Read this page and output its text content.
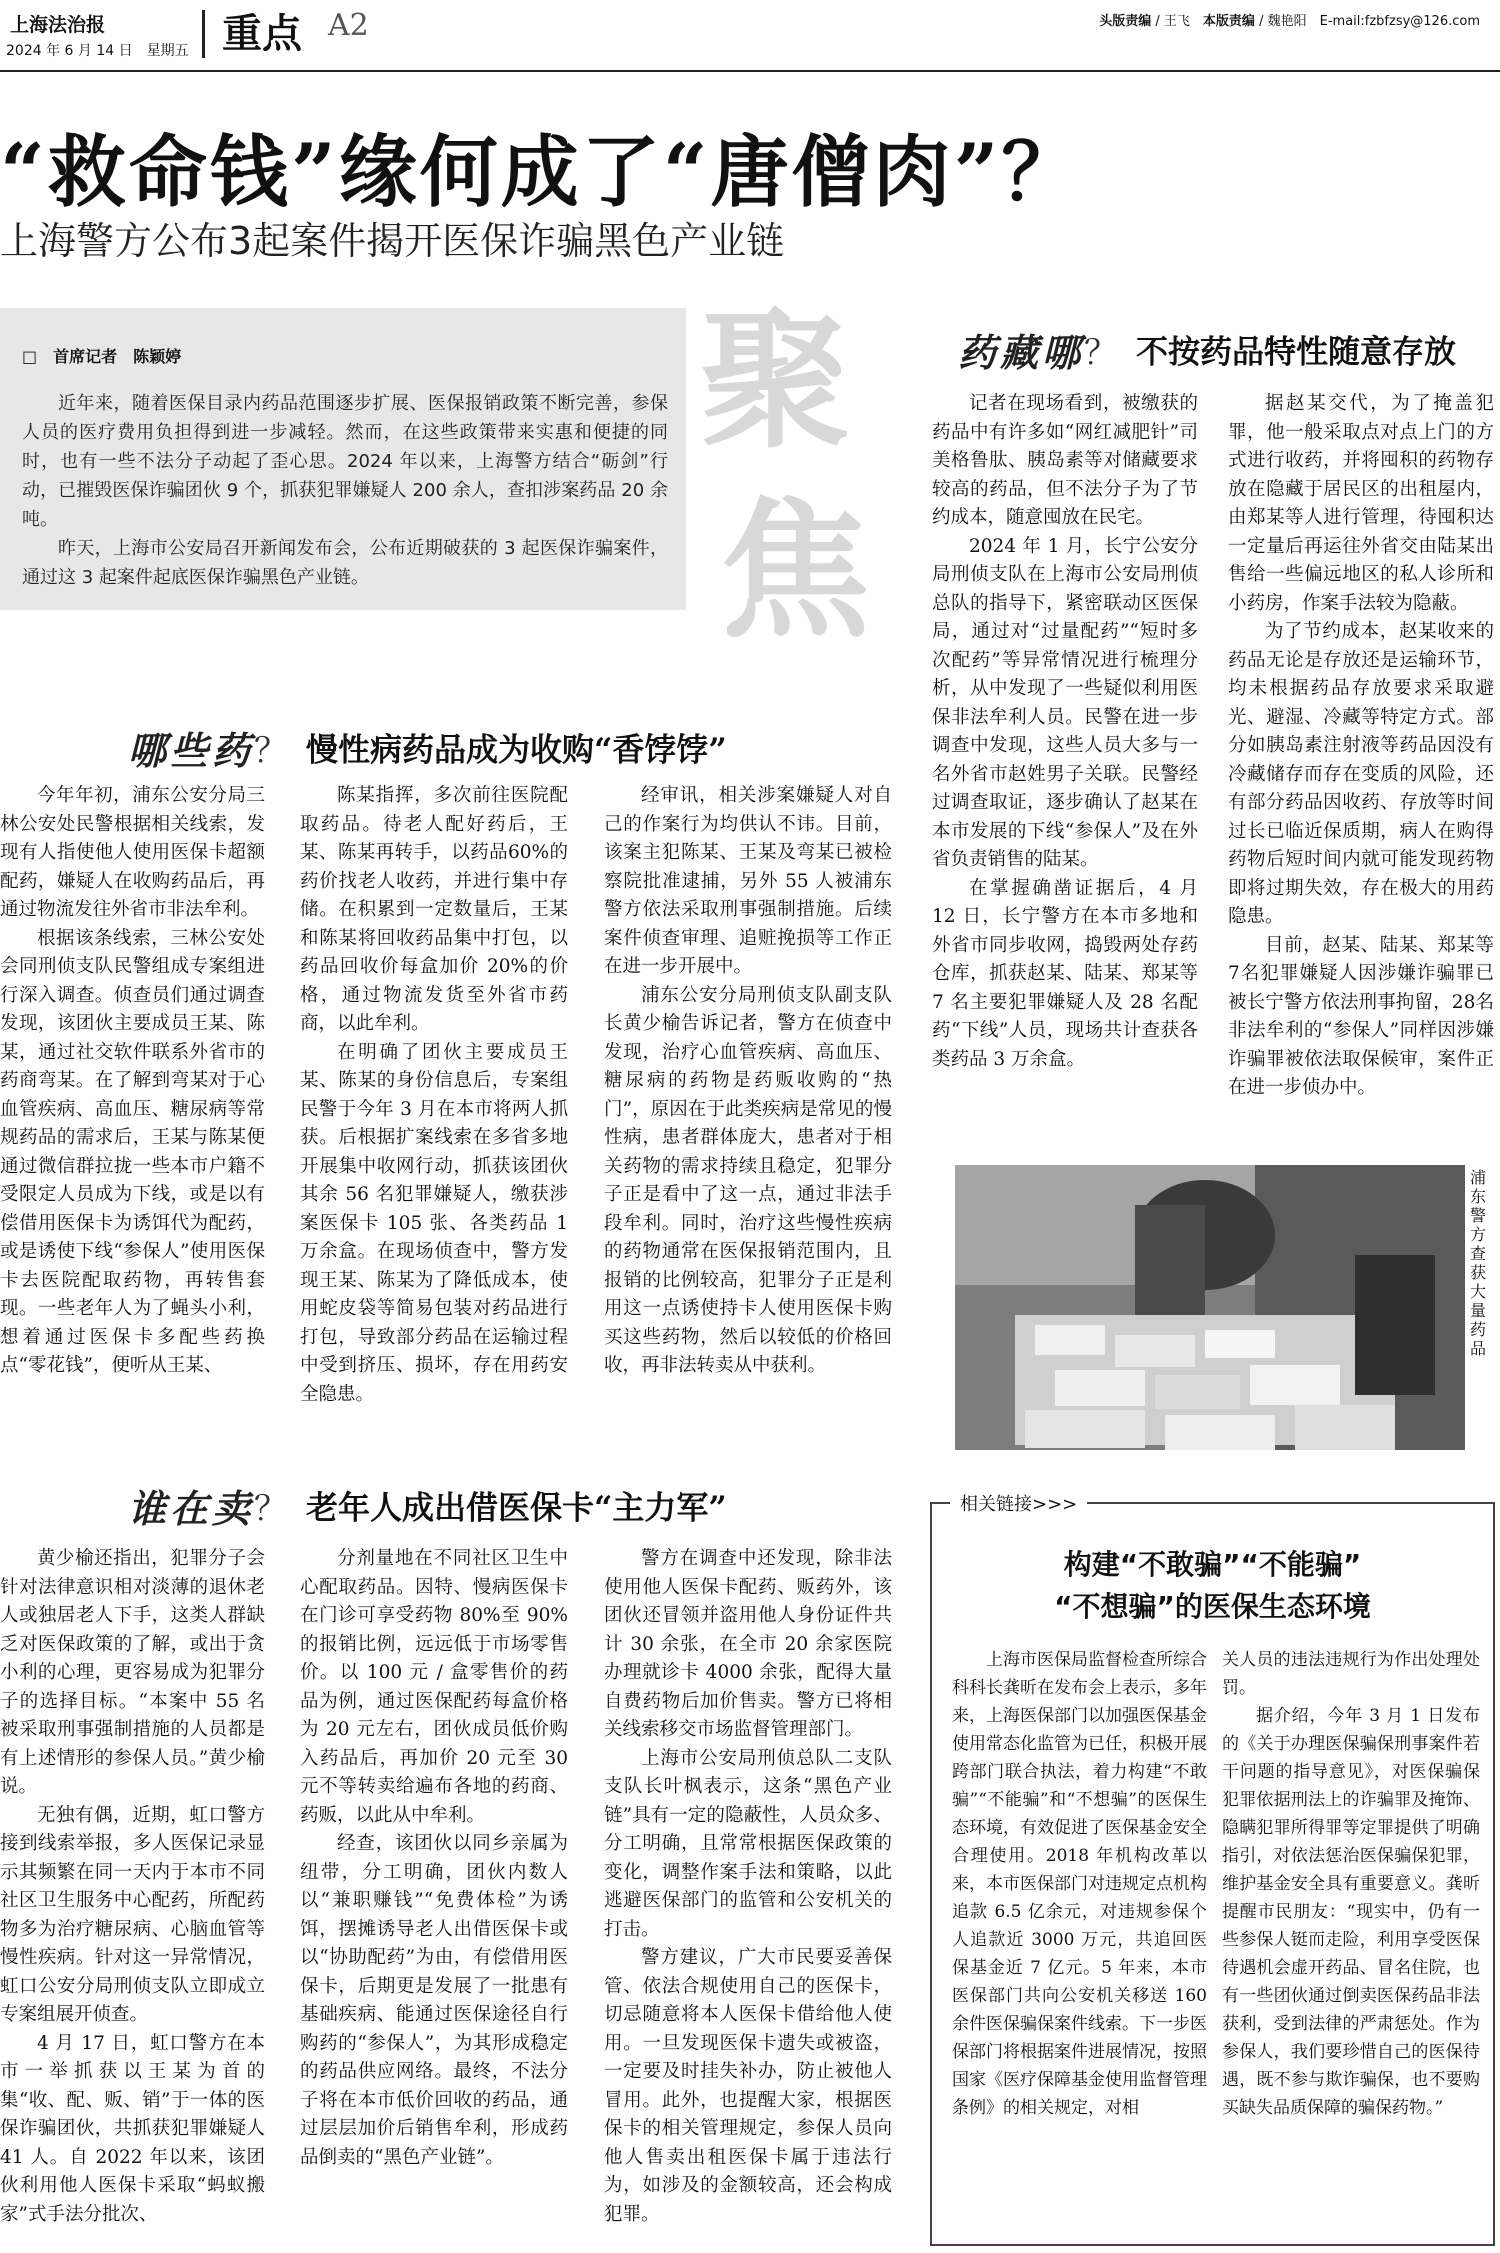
上海法治报
2024 年 6 月 14 日　星期五 重点 A2	头版责编 / 王飞　 本版责编 / 魏艳阳　 E-mail:fzbfzsy@126.com
“救命钱”缘何成了“唐僧肉”？
上海警方公布3起案件揭开医保诈骗黑色产业链
聚
焦
□　首席记者　陈颖婷

近年来，随着医保目录内药品范围逐步扩展、医保报销政策不断完善，参保人员的医疗费用负担得到进一步减轻。然而，在这些政策带来实惠和便捷的同时，也有一些不法分子动起了歪心思。2024 年以来，上海警方结合“砺剑”行动，已摧毁医保诈骗团伙 9 个，抓获犯罪嫌疑人 200 余人，查扣涉案药品 20 余吨。

昨天，上海市公安局召开新闻发布会，公布近期破获的 3 起医保诈骗案件，通过这 3 起案件起底医保诈骗黑色产业链。

哪些药？ 慢性病药品成为收购“香饽饽”

今年年初，浦东公安分局三林公安处民警根据相关线索，发现有人指使他人使用医保卡超额配药，嫌疑人在收购药品后，再通过物流发往外省市非法牟利。

根据该条线索，三林公安处会同刑侦支队民警组成专案组进行深入调查。侦查员们通过调查发现，该团伙主要成员王某、陈某，通过社交软件联系外省市的药商弯某。在了解到弯某对于心血管疾病、高血压、糖尿病等常规药品的需求后，王某与陈某便通过微信群拉拢一些本市户籍不受限定人员成为下线，或是以有偿借用医保卡为诱饵代为配药，或是诱使下线“参保人”使用医保卡去医院配取药物，再转售套现。一些老年人为了蝇头小利，想着通过医保卡多配些药换点“零花钱”，便听从王某、

陈某指挥，多次前往医院配取药品。待老人配好药后，王某、陈某再转手，以药品60%的药价找老人收药，并进行集中存储。在积累到一定数量后，王某和陈某将回收药品集中打包，以药品回收价每盒加价 20%的价格，通过物流发货至外省市药商，以此牟利。

在明确了团伙主要成员王某、陈某的身份信息后，专案组民警于今年 3 月在本市将两人抓获。后根据扩案线索在多省多地开展集中收网行动，抓获该团伙其余 56 名犯罪嫌疑人，缴获涉案医保卡 105 张、各类药品 1 万余盒。在现场侦查中，警方发现王某、陈某为了降低成本，使用蛇皮袋等简易包装对药品进行打包，导致部分药品在运输过程中受到挤压、损坏，存在用药安全隐患。

经审讯，相关涉案嫌疑人对自己的作案行为均供认不讳。目前，该案主犯陈某、王某及弯某已被检察院批准逮捕，另外 55 人被浦东警方依法采取刑事强制措施。后续案件侦查审理、追赃挽损等工作正在进一步开展中。

浦东公安分局刑侦支队副支队长黄少榆告诉记者，警方在侦查中发现，治疗心血管疾病、高血压、糖尿病的药物是药贩收购的“热门”，原因在于此类疾病是常见的慢性病，患者群体庞大，患者对于相关药物的需求持续且稳定，犯罪分子正是看中了这一点，通过非法手段牟利。同时，治疗这些慢性疾病的药物通常在医保报销范围内，且报销的比例较高，犯罪分子正是利用这一点诱使持卡人使用医保卡购买这些药物，然后以较低的价格回收，再非法转卖从中获利。

药藏哪？ 不按药品特性随意存放

记者在现场看到，被缴获的药品中有许多如“网红减肥针”司美格鲁肽、胰岛素等对储藏要求较高的药品，但不法分子为了节约成本，随意囤放在民宅。

2024 年 1 月，长宁公安分局刑侦支队在上海市公安局刑侦总队的指导下，紧密联动区医保局，通过对“过量配药”“短时多次配药”等异常情况进行梳理分析，从中发现了一些疑似利用医保非法牟利人员。民警在进一步调查中发现，这些人员大多与一名外省市赵姓男子关联。民警经过调查取证，逐步确认了赵某在本市发展的下线“参保人”及在外省负责销售的陆某。

在掌握确凿证据后，4 月 12 日，长宁警方在本市多地和外省市同步收网，捣毁两处存药仓库，抓获赵某、陆某、郑某等 7 名主要犯罪嫌疑人及 28 名配药“下线”人员，现场共计查获各类药品 3 万余盒。

据赵某交代，为了掩盖犯罪，他一般采取点对点上门的方式进行收药，并将囤积的药物存放在隐藏于居民区的出租屋内，由郑某等人进行管理，待囤积达一定量后再运往外省交由陆某出售给一些偏远地区的私人诊所和小药房，作案手法较为隐蔽。

为了节约成本，赵某收来的药品无论是存放还是运输环节，均未根据药品存放要求采取避光、避湿、冷藏等特定方式。部分如胰岛素注射液等药品因没有冷藏储存而存在变质的风险，还有部分药品因收药、存放等时间过长已临近保质期，病人在购得药物后短时间内就可能发现药物即将过期失效，存在极大的用药隐患。

目前，赵某、陆某、郑某等7名犯罪嫌疑人因涉嫌诈骗罪已被长宁警方依法刑事拘留，28名非法牟利的“参保人”同样因涉嫌诈骗罪被依法取保候审，案件正在进一步侦办中。

浦东警方查获大量药品
谁在卖？ 老年人成出借医保卡“主力军”

黄少榆还指出，犯罪分子会针对法律意识相对淡薄的退休老人或独居老人下手，这类人群缺乏对医保政策的了解，或出于贪小利的心理，更容易成为犯罪分子的选择目标。“本案中 55 名被采取刑事强制措施的人员都是有上述情形的参保人员。”黄少榆说。

无独有偶，近期，虹口警方接到线索举报，多人医保记录显示其频繁在同一天内于本市不同社区卫生服务中心配药，所配药物多为治疗糖尿病、心脑血管等慢性疾病。针对这一异常情况，虹口公安分局刑侦支队立即成立专案组展开侦查。

4 月 17 日，虹口警方在本市一举抓获以王某为首的集“收、配、贩、销”于一体的医保诈骗团伙，共抓获犯罪嫌疑人 41 人。自 2022 年以来，该团伙利用他人医保卡采取“蚂蚁搬家”式手法分批次、

分剂量地在不同社区卫生中心配取药品。因特、慢病医保卡在门诊可享受药物 80%至 90%的报销比例，远远低于市场零售价。以 100 元 / 盒零售价的药品为例，通过医保配药每盒价格为 20 元左右，团伙成员低价购入药品后，再加价 20 元至 30 元不等转卖给遍布各地的药商、药贩，以此从中牟利。

经查，该团伙以同乡亲属为纽带，分工明确，团伙内数人以“兼职赚钱”“免费体检”为诱饵，摆摊诱导老人出借医保卡或以“协助配药”为由，有偿借用医保卡，后期更是发展了一批患有基础疾病、能通过医保途径自行购药的“参保人”，为其形成稳定的药品供应网络。最终，不法分子将在本市低价回收的药品，通过层层加价后销售牟利，形成药品倒卖的“黑色产业链”。

警方在调查中还发现，除非法使用他人医保卡配药、贩药外，该团伙还冒领并盗用他人身份证件共计 30 余张，在全市 20 余家医院办理就诊卡 4000 余张，配得大量自费药物后加价售卖。警方已将相关线索移交市场监督管理部门。

上海市公安局刑侦总队二支队支队长叶枫表示，这条“黑色产业链”具有一定的隐蔽性，人员众多、分工明确，且常常根据医保政策的变化，调整作案手法和策略，以此逃避医保部门的监管和公安机关的打击。

警方建议，广大市民要妥善保管、依法合规使用自己的医保卡，切忌随意将本人医保卡借给他人使用。一旦发现医保卡遗失或被盗，一定要及时挂失补办，防止被他人冒用。此外，也提醒大家，根据医保卡的相关管理规定，参保人员向他人售卖出租医保卡属于违法行为，如涉及的金额较高，还会构成犯罪。

相关链接>>>
构建“不敢骗”“不能骗”
“不想骗”的医保生态环境

上海市医保局监督检查所综合科科长龚昕在发布会上表示，多年来，上海医保部门以加强医保基金使用常态化监管为已任，积极开展跨部门联合执法，着力构建“不敢骗”“不能骗”和“不想骗”的医保生态环境，有效促进了医保基金安全合理使用。2018 年机构改革以来，本市医保部门对违规定点机构追款 6.5 亿余元，对违规参保个人追款近 3000 万元，共追回医保基金近 7 亿元。5 年来，本市医保部门共向公安机关移送 160 余件医保骗保案件线索。下一步医保部门将根据案件进展情况，按照国家《医疗保障基金使用监督管理条例》的相关规定，对相

关人员的违法违规行为作出处理处罚。

据介绍，今年 3 月 1 日发布的《关于办理医保骗保刑事案件若干问题的指导意见》，对医保骗保犯罪依据刑法上的诈骗罪及掩饰、隐瞒犯罪所得罪等定罪提供了明确指引，对依法惩治医保骗保犯罪，维护基金安全具有重要意义。龚昕提醒市民朋友：“现实中，仍有一些参保人铤而走险，利用享受医保待遇机会虚开药品、冒名住院，也有一些团伙通过倒卖医保药品非法获利，受到法律的严肃惩处。作为参保人，我们要珍惜自己的医保待遇，既不参与欺诈骗保，也不要购买缺失品质保障的骗保药物。”
